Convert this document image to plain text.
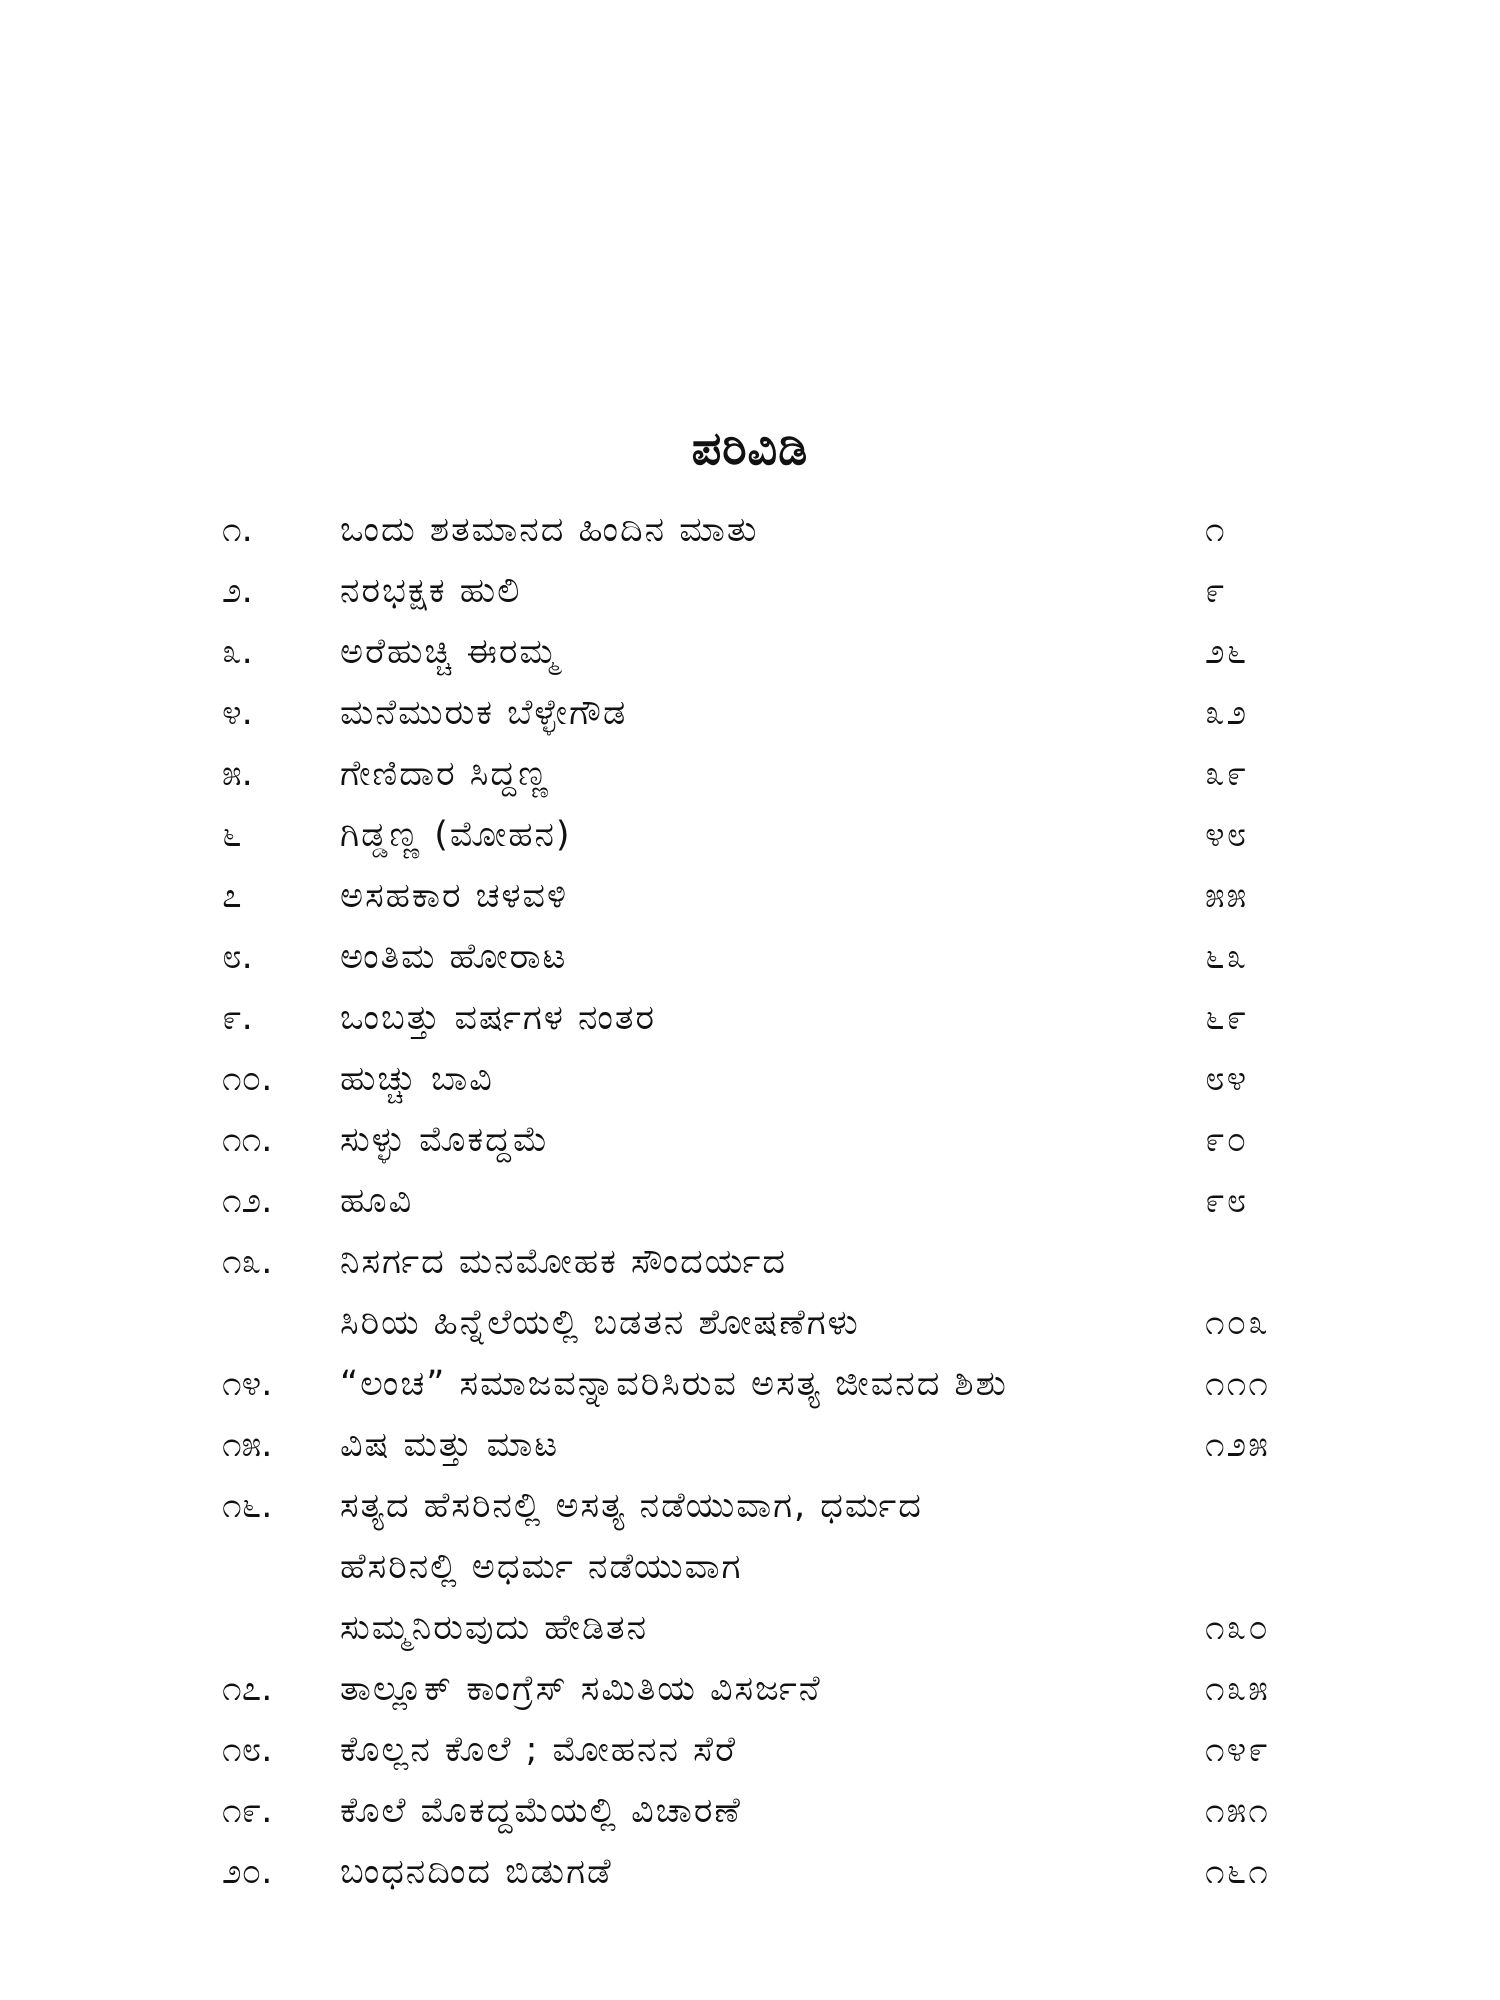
ಪರಿವಿಡಿ
೧.	ಒಂದು ಶತಮಾನದ ಹಿಂದಿನ ಮಾತು	೧
೨.	ನರಭಕ್ಷಕ ಹುಲಿ	೯
೩.	ಅರೆಹುಚ್ಚಿ ಈರಮ್ಮ	೨೬
೪.	ಮನೆಮುರುಕ ಬೆಳ್ಳೇಗೌಡ	೩೨
೫.	ಗೇಣಿದಾರ ಸಿದ್ದಣ್ಣ	೩೯
೬	ಗಿಡ್ಡಣ್ಣ (ಮೋಹನ)	೪೮
೭	ಅಸಹಕಾರ ಚಳವಳಿ	೫೫
೮.	ಅಂತಿಮ ಹೋರಾಟ	೬೩
೯.	ಒಂಬತ್ತು ವರ್ಷಗಳ ನಂತರ	೬೯
೧೦.	ಹುಚ್ಚು ಬಾವಿ	೮೪
೧೧.	ಸುಳ್ಳು ಮೊಕದ್ದಮೆ	೯೦
೧೨.	ಹೂವಿ	೯೮
೧೩.	ನಿಸರ್ಗದ ಮನಮೋಹಕ ಸೌಂದರ್ಯದ
ಸಿರಿಯ ಹಿನ್ನೆಲೆಯಲ್ಲಿ ಬಡತನ ಶೋಷಣೆಗಳು	೧೦೩
೧೪.	“ಲಂಚ” ಸಮಾಜವನ್ನಾವರಿಸಿರುವ ಅಸತ್ಯ ಜೀವನದ ಶಿಶು	೧೧೧
೧೫.	ವಿಷ ಮತ್ತು ಮಾಟ	೧೨೫
೧೬.	ಸತ್ಯದ ಹೆಸರಿನಲ್ಲಿ ಅಸತ್ಯ ನಡೆಯುವಾಗ, ಧರ್ಮದ
ಹೆಸರಿನಲ್ಲಿ ಅಧರ್ಮ ನಡೆಯುವಾಗ
ಸುಮ್ಮನಿರುವುದು ಹೇಡಿತನ	೧೩೦
೧೭.	ತಾಲ್ಲೂಕ್ ಕಾಂಗ್ರೆಸ್ ಸಮಿತಿಯ ವಿಸರ್ಜನೆ	೧೩೫
೧೮.	ಕೊಲ್ಲನ ಕೊಲೆ ; ಮೋಹನನ ಸೆರೆ	೧೪೯
೧೯.	ಕೊಲೆ ಮೊಕದ್ದಮೆಯಲ್ಲಿ ವಿಚಾರಣೆ	೧೫೧
೨೦.	ಬಂಧನದಿಂದ ಬಿಡುಗಡೆ	೧೬೧
